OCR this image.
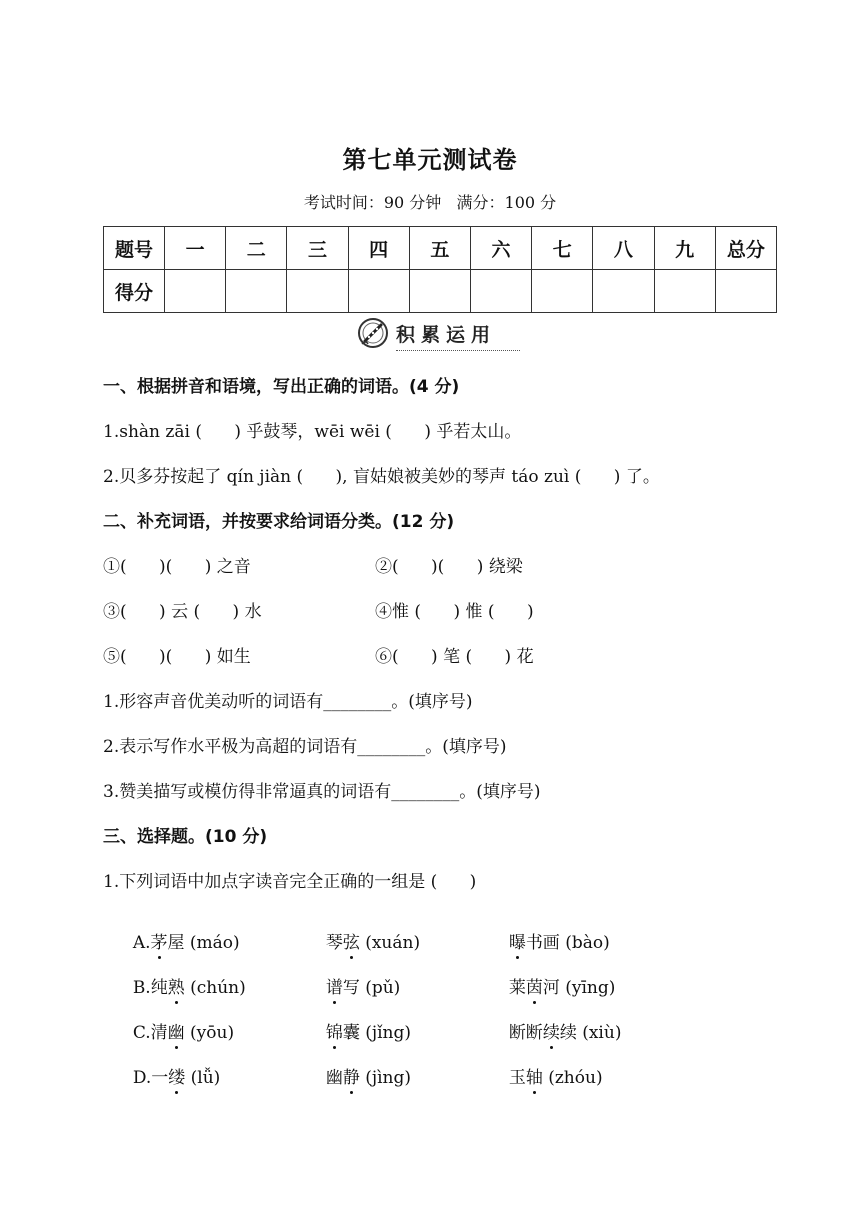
第七单元测试卷
考试时间：90 分钟   满分：100 分
题号	一	二	三	四	五	六	七	八	九	总分
得分										
积累运用
一、根据拼音和语境，写出正确的词语。(4 分)
1.shàn zāi (      ) 乎鼓琴，wēi wēi (      ) 乎若太山。
2.贝多芬按起了 qín jiàn (      ), 盲姑娘被美妙的琴声 táo zuì (      ) 了。
二、补充词语，并按要求给词语分类。(12 分)
①(      )(      ) 之音	②(      )(      ) 绕梁
③(      ) 云 (      ) 水	④惟 (      ) 惟 (      )
⑤(      )(      ) 如生	⑥(      ) 笔 (      ) 花
1.形容声音优美动听的词语有________。(填序号)
2.表示写作水平极为高超的词语有________。(填序号)
3.赞美描写或模仿得非常逼真的词语有________。(填序号)
三、选择题。(10 分)
1.下列词语中加点字读音完全正确的一组是 (      )

A.茅屋 (máo)	琴弦 (xuán)	曝书画 (bào)

B.纯熟 (chún)	谱写 (pǔ)	莱茵河 (yīng)

C.清幽 (yōu)	锦囊 (jǐng)	断断续续 (xiù)

D.一缕 (lǚ)	幽静 (jìng)	玉轴 (zhóu)
